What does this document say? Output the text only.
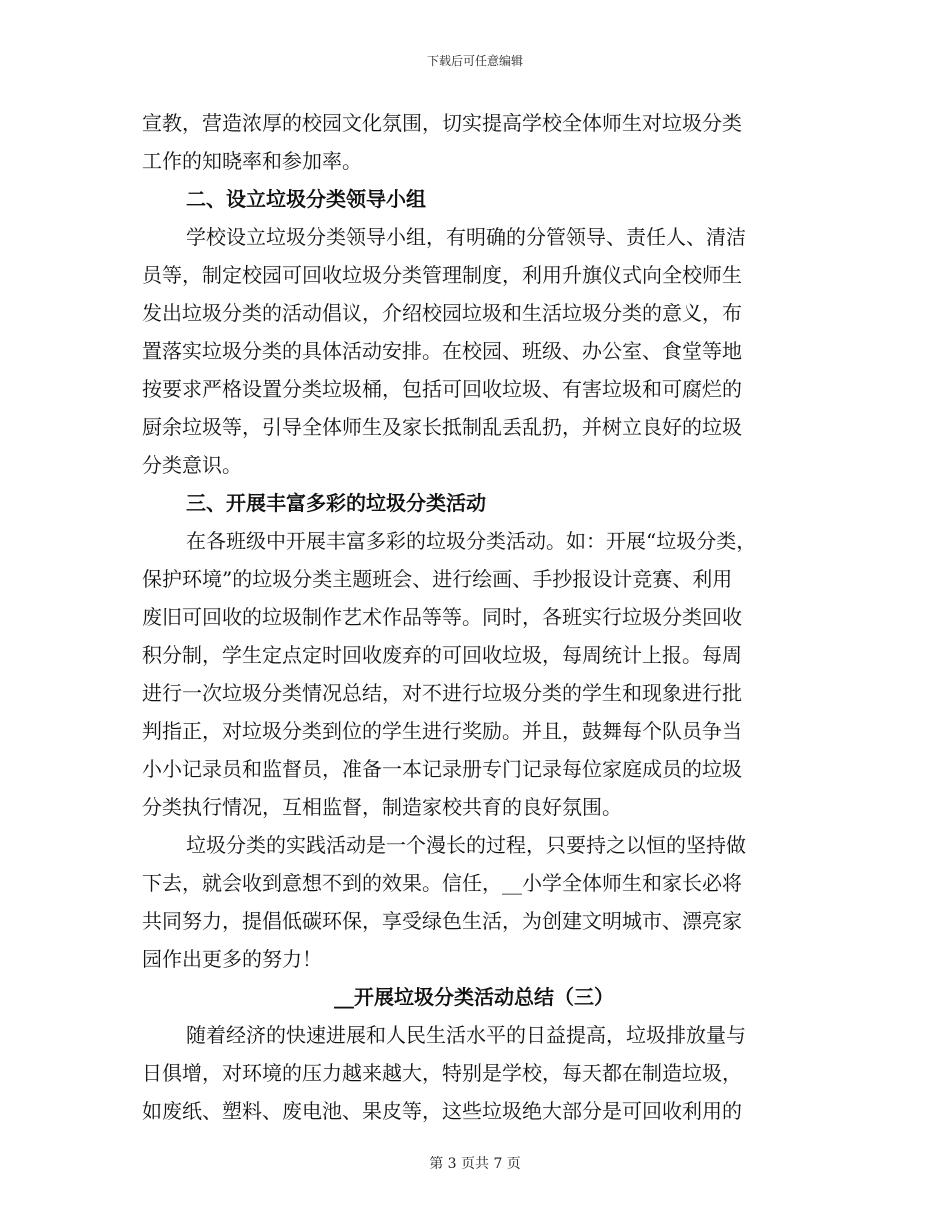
下载后可任意编辑
宣教，营造浓厚的校园文化氛围，切实提高学校全体师生对垃圾分类
工作的知晓率和参加率。
二、设立垃圾分类领导小组
学校设立垃圾分类领导小组，有明确的分管领导、责任人、清洁
员等，制定校园可回收垃圾分类管理制度，利用升旗仪式向全校师生
发出垃圾分类的活动倡议，介绍校园垃圾和生活垃圾分类的意义，布
置落实垃圾分类的具体活动安排。在校园、班级、办公室、食堂等地
按要求严格设置分类垃圾桶，包括可回收垃圾、有害垃圾和可腐烂的
厨余垃圾等，引导全体师生及家长抵制乱丢乱扔，并树立良好的垃圾
分类意识。
三、开展丰富多彩的垃圾分类活动
在各班级中开展丰富多彩的垃圾分类活动。如：开展“垃圾分类，
保护环境”的垃圾分类主题班会、进行绘画、手抄报设计竞赛、利用
废旧可回收的垃圾制作艺术作品等等。同时，各班实行垃圾分类回收
积分制，学生定点定时回收废弃的可回收垃圾，每周统计上报。每周
进行一次垃圾分类情况总结，对不进行垃圾分类的学生和现象进行批
判指正，对垃圾分类到位的学生进行奖励。并且，鼓舞每个队员争当
小小记录员和监督员，准备一本记录册专门记录每位家庭成员的垃圾
分类执行情况，互相监督，制造家校共育的良好氛围。
垃圾分类的实践活动是一个漫长的过程，只要持之以恒的坚持做
下去，就会收到意想不到的效果。信任，__小学全体师生和家长必将
共同努力，提倡低碳环保，享受绿色生活，为创建文明城市、漂亮家
园作出更多的努力！
__开展垃圾分类活动总结（三）
随着经济的快速进展和人民生活水平的日益提高，垃圾排放量与
日俱增，对环境的压力越来越大，特别是学校，每天都在制造垃圾，
如废纸、塑料、废电池、果皮等，这些垃圾绝大部分是可回收利用的
第 3 页共 7 页
